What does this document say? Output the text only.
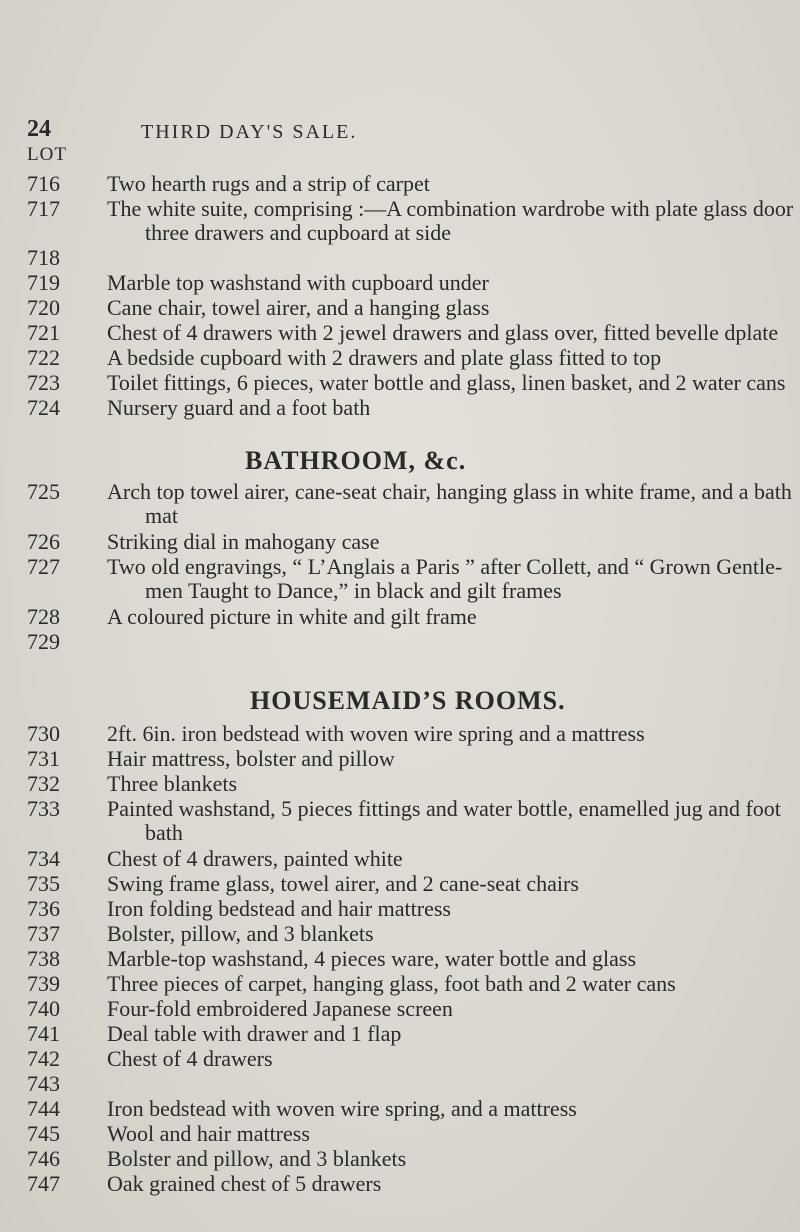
24	THIRD DAY'S SALE.
LOT
716	Two hearth rugs and a strip of carpet
717	The white suite, comprising :—A combination wardrobe with plate glass door
three drawers and cupboard at side
718
719	Marble top washstand with cupboard under
720	Cane chair, towel airer, and a hanging glass
721	Chest of 4 drawers with 2 jewel drawers and glass over, fitted bevelle dplate
722	A bedside cupboard with 2 drawers and plate glass fitted to top
723	Toilet fittings, 6 pieces, water bottle and glass, linen basket, and 2 water cans
724	Nursery guard and a foot bath
BATHROOM, &c.
725	Arch top towel airer, cane-seat chair, hanging glass in white frame, and a bath
mat
726	Striking dial in mahogany case
727	Two old engravings, “ L’Anglais a Paris ” after Collett, and “ Grown Gentle-
men Taught to Dance,” in black and gilt frames
728	A coloured picture in white and gilt frame
729
HOUSEMAID’S ROOMS.
730	2ft. 6in. iron bedstead with woven wire spring and a mattress
731	Hair mattress, bolster and pillow
732	Three blankets
733	Painted washstand, 5 pieces fittings and water bottle, enamelled jug and foot
bath
734	Chest of 4 drawers, painted white
735	Swing frame glass, towel airer, and 2 cane-seat chairs
736	Iron folding bedstead and hair mattress
737	Bolster, pillow, and 3 blankets
738	Marble-top washstand, 4 pieces ware, water bottle and glass
739	Three pieces of carpet, hanging glass, foot bath and 2 water cans
740	Four-fold embroidered Japanese screen
741	Deal table with drawer and 1 flap
742	Chest of 4 drawers
743
744	Iron bedstead with woven wire spring, and a mattress
745	Wool and hair mattress
746	Bolster and pillow, and 3 blankets
747	Oak grained chest of 5 drawers
